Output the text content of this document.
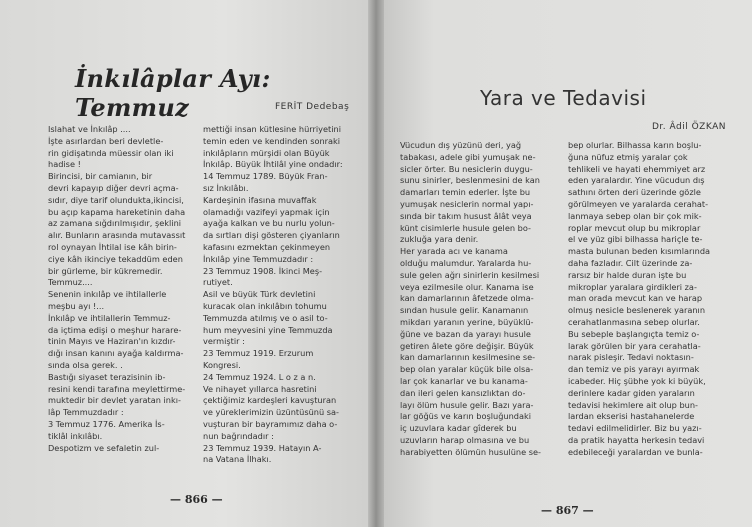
İnkılâplar Ayı: Temmuz	FERİT Dedebaş

Islahat ve İnkılâp ....

İşte asırlardan beri devletle-

rin gidişatında müessir olan iki

hadise !

Birincisi, bir camianın, bir

devri kapayıp diğer devri açma-

sıdır, diye tarif olundukta,ikincisi,

bu açıp kapama hareketinin daha

az zamana sığdırılmışıdır, şeklini

alır. Bunların arasında mutavassıt

rol oynayan İhtilal ise kâh birin-

ciye kâh ikinciye tekaddüm eden

bir gürleme, bir kükremedir.

Temmuz....

Senenin inkılâp ve ihtilallerle

meşbu ayı !...

İnkılâp ve ihtilallerin Temmuz-

da içtima edişi o meşhur harare-

tinin Mayıs ve Haziran'ın kızdır-

dığı insan kanını ayağa kaldırma-

sında olsa gerek. .

Bastığı siyaset terazisinin ib-

resini kendi tarafına meylettirme-

muktedir bir devlet yaratan inkı-

lâp Temmuzdadır :

3 Temmuz 1776. Amerika İs-

tiklâl inkılâbı.

Despotizm ve sefaletin zul-

mettiği insan kütlesine hürriyetini

temin eden ve kendinden sonraki

inkılâpların mürşidi olan Büyük

İnkılâp. Büyük İhtilâl yine ondadır:

14 Temmuz 1789. Büyük Fran-

sız İnkılâbı.

Kardeşinin ifasına muvaffak

olamadığı vazifeyi yapmak için

ayağa kalkan ve bu nurlu yolun-

da sırtları dişi gösteren çiyanların

kafasını ezmektan çekinmeyen

İnkılâp yine Temmuzdadır :

23 Temmuz 1908. İkinci Meş-

rutiyet.

Asil ve büyük Türk devletini

kuracak olan inkılâbın tohumu

Temmuzda atılmış ve o asil to-

hum meyvesini yine Temmuzda

vermiştir :

23 Temmuz 1919. Erzurum

Kongresi.

24 Temmuz 1924. L o z a n.

Ve nihayet yıllarca hasretini

çektiğimiz kardeşleri kavuşturan

ve yüreklerimizin üzüntüsünü sa-

vuşturan bir bayramımız daha o-

nun bağrındadır :

23 Temmuz 1939. Hatayın A-

na Vatana İlhakı.

— 866 —
Yara ve Tedavisi
Dr. Âdil ÖZKAN

Vücudun dış yüzünü deri, yağ

tabakası, adele gibi yumuşak ne-

sicler örter. Bu nesiclerin duygu-

sunu sinirler, beslenmesini de kan

damarları temin ederler. İşte bu

yumuşak nesiclerin normal yapı-

sında bir takım husust âlât veya

künt cisimlerle husule gelen bo-

zukluğa yara denir.

Her yarada acı ve kanama

olduğu malumdur. Yaralarda hu-

sule gelen ağrı sinirlerin kesilmesi

veya ezilmesile olur. Kanama ise

kan damarlarının âfetzede olma-

sından husule gelir. Kanamanın

mikdarı yaranın yerine, büyüklü-

ğüne ve bazan da yarayı husule

getiren âlete göre değişir. Büyük

kan damarlarının kesilmesine se-

bep olan yaralar küçük bile olsa-

lar çok kanarlar ve bu kanama-

dan ileri gelen kansızlıktan do-

layı ölüm husule gelir. Bazı yara-

lar göğüs ve karın boşluğundaki

iç uzuvlara kadar gîderek bu

uzuvların harap olmasına ve bu

harabiyetten ölümün husulüne se-

bep olurlar. Bilhassa karın boşlu-

ğuna nüfuz etmiş yaralar çok

tehlikeli ve hayati ehemmiyet arz

eden yaralardır. Yine vücudun dış

sathını örten deri üzerinde gözle

görülmeyen ve yaralarda cerahat-

lanmaya sebep olan bir çok mik-

roplar mevcut olup bu mikroplar

el ve yüz gibi bilhassa hariçle te-

masta bulunan beden kısımlarında

daha fazladır. Cilt üzerinde za-

rarsız bir halde duran işte bu

mikroplar yaralara girdikleri za-

man orada mevcut kan ve harap

olmuş nesicle beslenerek yaranın

cerahatlanmasına sebep olurlar.

Bu sebeple başlangıçta temiz o-

larak görülen bir yara cerahatla-

narak pisleşir. Tedavi noktasın-

dan temiz ve pis yarayı ayırmak

icabeder. Hiç şübhe yok ki büyük,

derinlere kadar giden yaraların

tedavisi hekimlere ait olup bun-

lardan ekserisi hastahanelerde

tedavi edilmelidirler. Biz bu yazı-

da pratik hayatta herkesin tedavi

edebileceği yaralardan ve bunla-

— 867 —
